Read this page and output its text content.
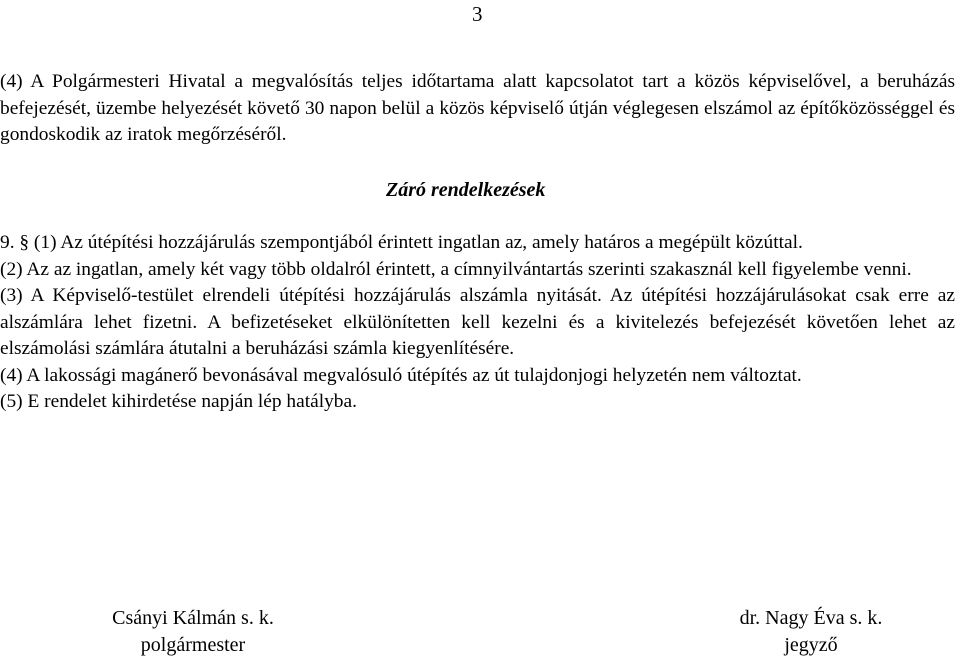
3

(4) A Polgármesteri Hivatal a megvalósítás teljes időtartama alatt kapcsolatot tart a közös képviselővel, a beruházás befejezését, üzembe helyezését követő 30 napon belül a közös képviselő útján véglegesen elszámol az építőközösséggel és gondoskodik az iratok megőrzéséről.

Záró rendelkezések

9. § (1) Az útépítési hozzájárulás szempontjából érintett ingatlan az, amely határos a megépült közúttal.

(2) Az az ingatlan, amely két vagy több oldalról érintett, a címnyilvántartás szerinti szakasznál kell figyelembe venni.

(3) A Képviselő-testület elrendeli útépítési hozzájárulás alszámla nyitását. Az útépítési hozzájárulásokat csak erre az alszámlára lehet fizetni. A befizetéseket elkülönítetten kell kezelni és a kivitelezés befejezését követően lehet az elszámolási számlára átutalni a beruházási számla kiegyenlítésére.

(4) A lakossági magánerő bevonásával megvalósuló útépítés az út tulajdonjogi helyzetén nem változtat.

(5) E rendelet kihirdetése napján lép hatályba.

Csányi Kálmán s. k.
polgármester
dr. Nagy Éva s. k.
jegyző
